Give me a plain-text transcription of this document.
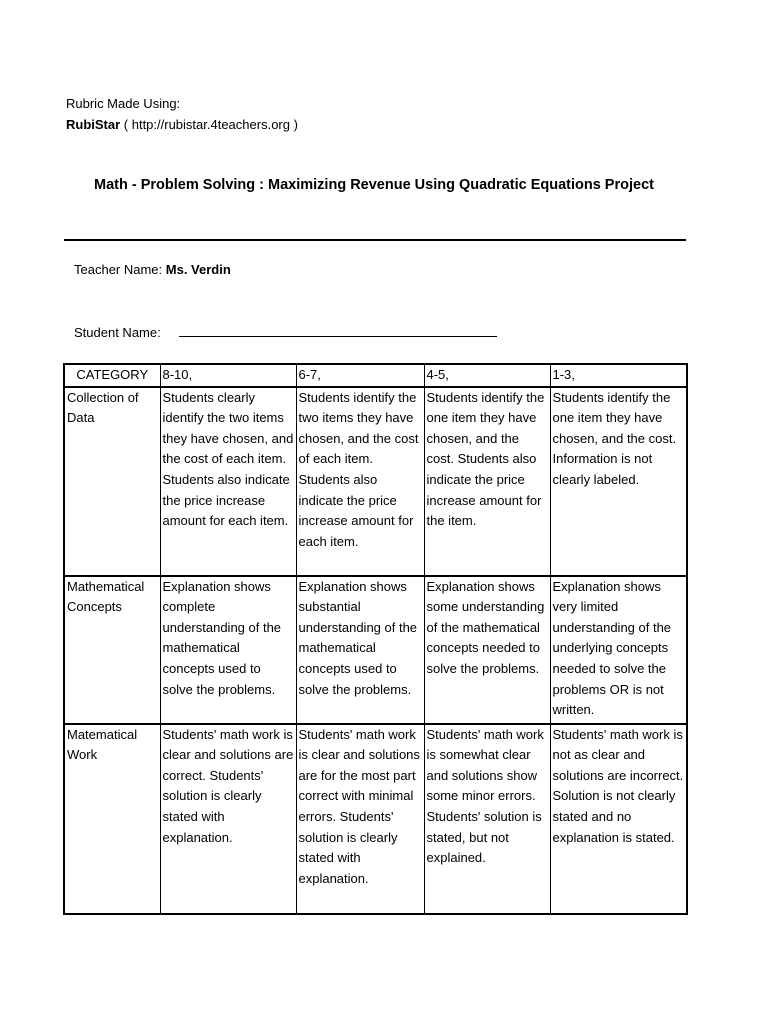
Rubric Made Using:
RubiStar ( http://rubistar.4teachers.org )
Math - Problem Solving : Maximizing Revenue Using Quadratic Equations Project
Teacher Name: Ms. Verdin
Student Name:
CATEGORY	8-10,	6-7,	4-5,	1-3,
Collection of Data	Students clearly identify the two items they have chosen, and the cost of each item. Students also indicate the price increase amount for each item.	Students identify the two items they have chosen, and the cost of each item. Students also indicate the price increase amount for each item.	Students identify the one item they have chosen, and the cost. Students also indicate the price increase amount for the item.	Students identify the one item they have chosen, and the cost. Information is not clearly labeled.
Mathematical Concepts	Explanation shows complete understanding of the mathematical concepts used to solve the problems.	Explanation shows substantial understanding of the mathematical concepts used to solve the problems.	Explanation shows some understanding of the mathematical concepts needed to solve the problems.	Explanation shows very limited understanding of the underlying concepts needed to solve the problems OR is not written.
Matematical Work	Students' math work is clear and solutions are correct. Students' solution is clearly stated with explanation.	Students' math work is clear and solutions are for the most part correct with minimal errors. Students' solution is clearly stated with explanation.	Students' math work is somewhat clear and solutions show some minor errors. Students' solution is stated, but not explained.	Students' math work is not as clear and solutions are incorrect. Solution is not clearly stated and no explanation is stated.
